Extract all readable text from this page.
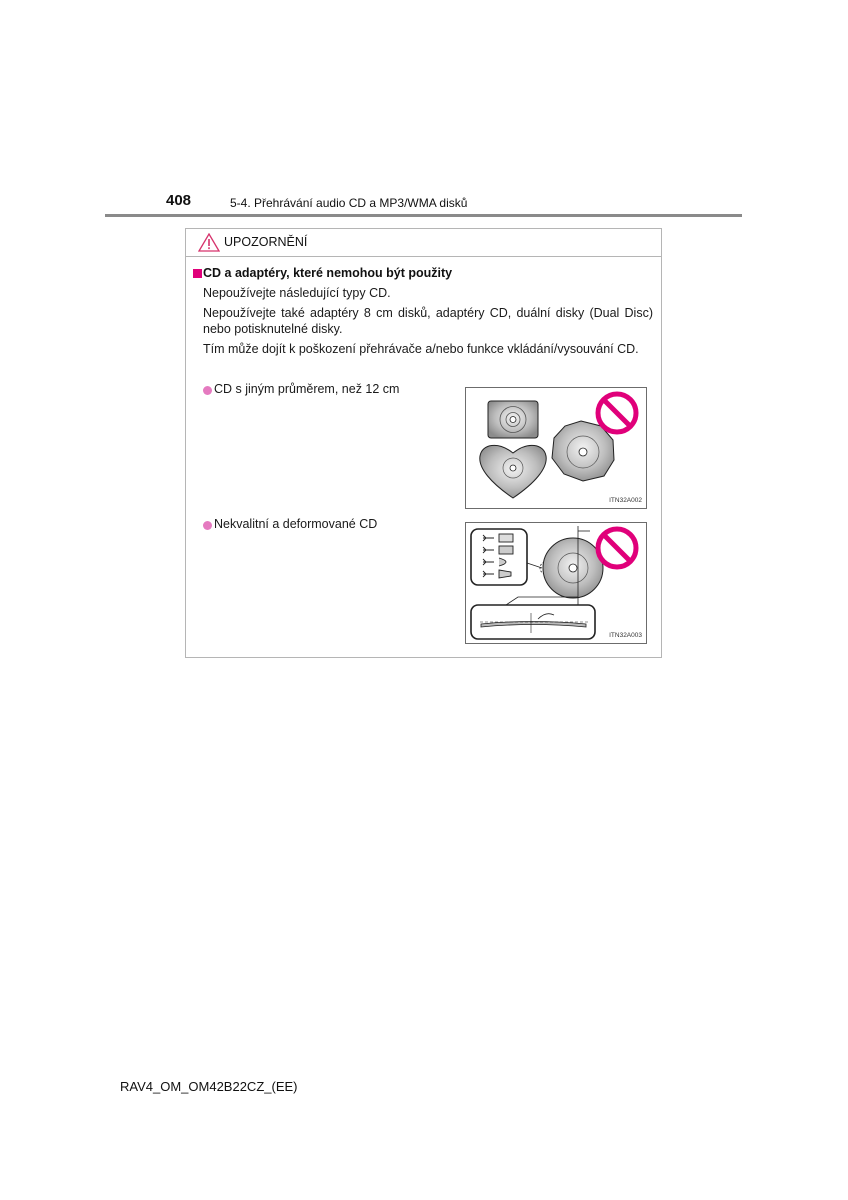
408	5-4. Přehrávání audio CD a MP3/WMA disků
UPOZORNĚNÍ
CD a adaptéry, které nemohou být použity
Nepoužívejte následující typy CD.
Nepoužívejte také adaptéry 8 cm disků, adaptéry CD, duální disky (Dual Disc) nebo potisknutelné disky.
Tím může dojít k poškození přehrávače a/nebo funkce vkládání/vysouvání CD.
CD s jiným průměrem, než 12 cm
ITN32A002
Nekvalitní a deformované CD
ITN32A003
RAV4_OM_OM42B22CZ_(EE)
